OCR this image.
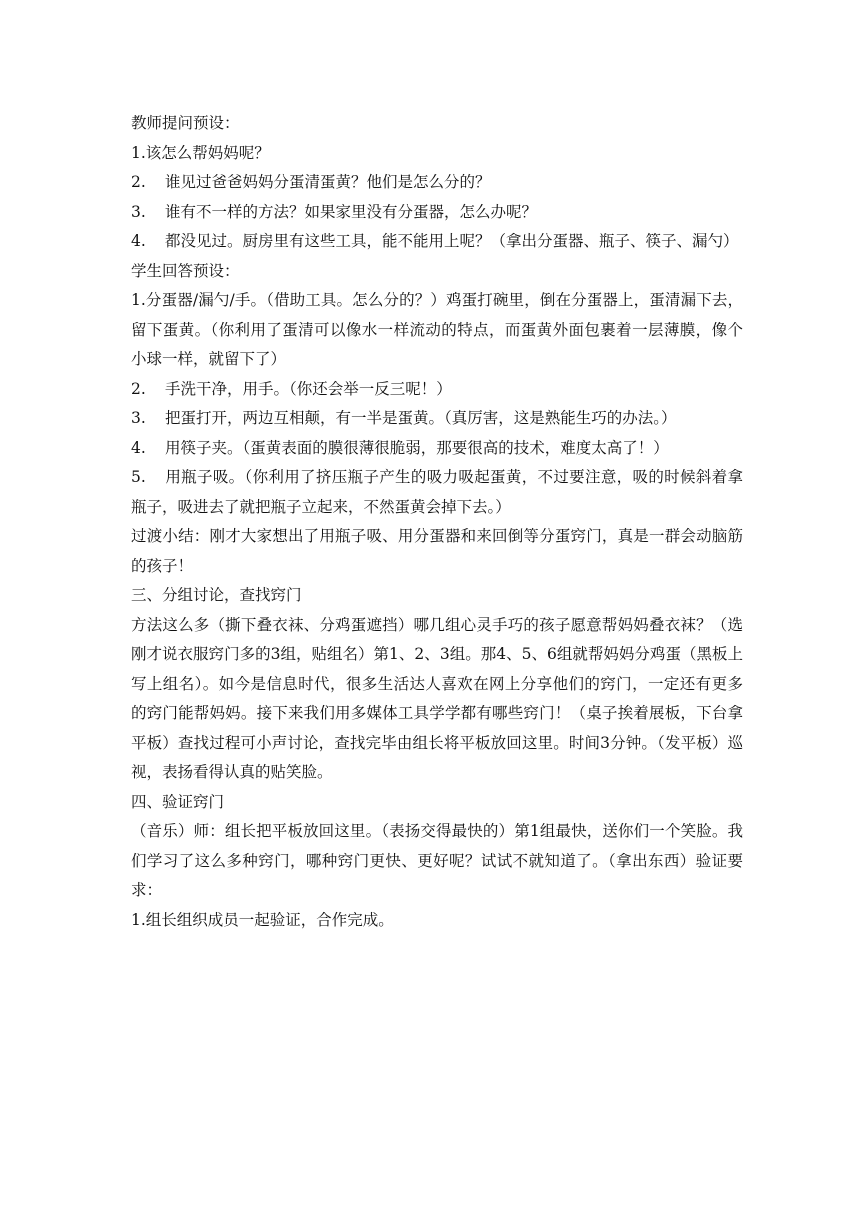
教师提问预设：

1.该怎么帮妈妈呢？

2.	谁见过爸爸妈妈分蛋清蛋黄？他们是怎么分的？

3.	谁有不一样的方法？如果家里没有分蛋器，怎么办呢？

4. 都没见过。厨房里有这些工具，能不能用上呢？（拿出分蛋器、瓶子、筷子、漏勺）

学生回答预设：

1.分蛋器/漏勺/手。（借助工具。怎么分的？）鸡蛋打碗里，倒在分蛋器上，蛋清漏下去，留下蛋黄。（你利用了蛋清可以像水一样流动的特点，而蛋黄外面包裹着一层薄膜，像个小球一样，就留下了）

2. 手洗干净，用手。（你还会举一反三呢！）

3. 把蛋打开，两边互相颠，有一半是蛋黄。（真厉害，这是熟能生巧的办法。）

4. 用筷子夹。（蛋黄表面的膜很薄很脆弱，那要很高的技术，难度太高了！）

5. 用瓶子吸。（你利用了挤压瓶子产生的吸力吸起蛋黄，不过要注意，吸的时候斜着拿瓶子，吸进去了就把瓶子立起来，不然蛋黄会掉下去。）

过渡小结：刚才大家想出了用瓶子吸、用分蛋器和来回倒等分蛋窍门，真是一群会动脑筋的孩子！

三、分组讨论，查找窍门

方法这么多（撕下叠衣袜、分鸡蛋遮挡）哪几组心灵手巧的孩子愿意帮妈妈叠衣袜？（选刚才说衣服窍门多的3组，贴组名）第1、2、3组。那4、5、6组就帮妈妈分鸡蛋（黑板上写上组名）。如今是信息时代，很多生活达人喜欢在网上分享他们的窍门，一定还有更多的窍门能帮妈妈。接下来我们用多媒体工具学学都有哪些窍门！（桌子挨着展板，下台拿平板）查找过程可小声讨论，查找完毕由组长将平板放回这里。时间3分钟。（发平板）巡视，表扬看得认真的贴笑脸。

四、验证窍门

（音乐）师：组长把平板放回这里。（表扬交得最快的）第1组最快，送你们一个笑脸。我们学习了这么多种窍门，哪种窍门更快、更好呢？试试不就知道了。（拿出东西）验证要求：

1.组长组织成员一起验证，合作完成。
